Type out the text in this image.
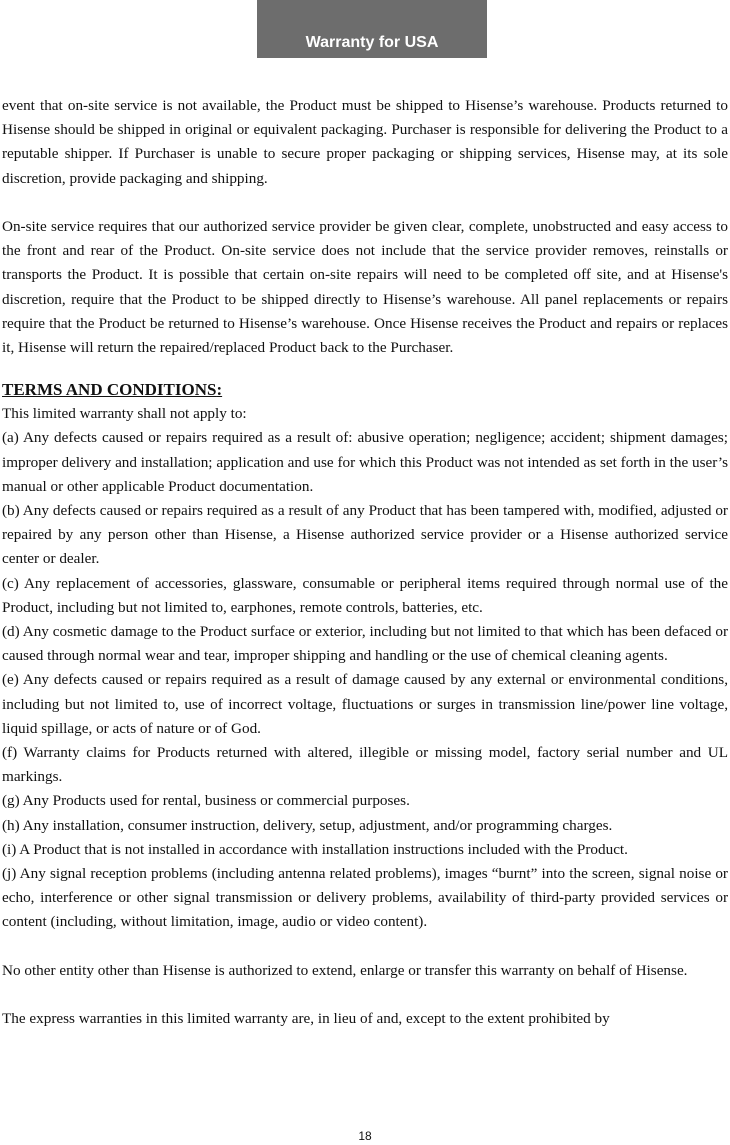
Warranty for USA

event that on-site service is not available, the Product must be shipped to Hisense’s warehouse. Products returned to Hisense should be shipped in original or equivalent packaging. Purchaser is responsible for delivering the Product to a reputable shipper. If Purchaser is unable to secure proper packaging or shipping services, Hisense may, at its sole discretion, provide packaging and shipping.

On-site service requires that our authorized service provider be given clear, complete, unobstructed and easy access to the front and rear of the Product. On-site service does not include that the service provider removes, reinstalls or transports the Product. It is possible that certain on-site repairs will need to be completed off site, and at Hisense's discretion, require that the Product to be shipped directly to Hisense’s warehouse. All panel replacements or repairs require that the Product be returned to Hisense’s warehouse. Once Hisense receives the Product and repairs or replaces it, Hisense will return the repaired/replaced Product back to the Purchaser.

TERMS AND CONDITIONS:

This limited warranty shall not apply to:

(a) Any defects caused or repairs required as a result of: abusive operation; negligence; accident; shipment damages; improper delivery and installation; application and use for which this Product was not intended as set forth in the user’s manual or other applicable Product documentation.

(b) Any defects caused or repairs required as a result of any Product that has been tampered with, modified, adjusted or repaired by any person other than Hisense, a Hisense authorized service provider or a Hisense authorized service center or dealer.

(c) Any replacement of accessories, glassware, consumable or peripheral items required through normal use of the Product, including but not limited to, earphones, remote controls, batteries, etc.

(d) Any cosmetic damage to the Product surface or exterior, including but not limited to that which has been defaced or caused through normal wear and tear, improper shipping and handling or the use of chemical cleaning agents.

(e) Any defects caused or repairs required as a result of damage caused by any external or environmental conditions, including but not limited to, use of incorrect voltage, fluctuations or surges in transmission line/power line voltage, liquid spillage, or acts of nature or of God.

(f) Warranty claims for Products returned with altered, illegible or missing model, factory serial number and UL markings.

(g) Any Products used for rental, business or commercial purposes.

(h) Any installation, consumer instruction, delivery, setup, adjustment, and/or programming charges.

(i) A Product that is not installed in accordance with installation instructions included with the Product.

(j) Any signal reception problems (including antenna related problems), images “burnt” into the screen, signal noise or echo, interference or other signal transmission or delivery problems, availability of third-party provided services or content (including, without limitation, image, audio or video content).

No other entity other than Hisense is authorized to extend, enlarge or transfer this warranty on behalf of Hisense.

The express warranties in this limited warranty are, in lieu of and, except to the extent prohibited by

18
